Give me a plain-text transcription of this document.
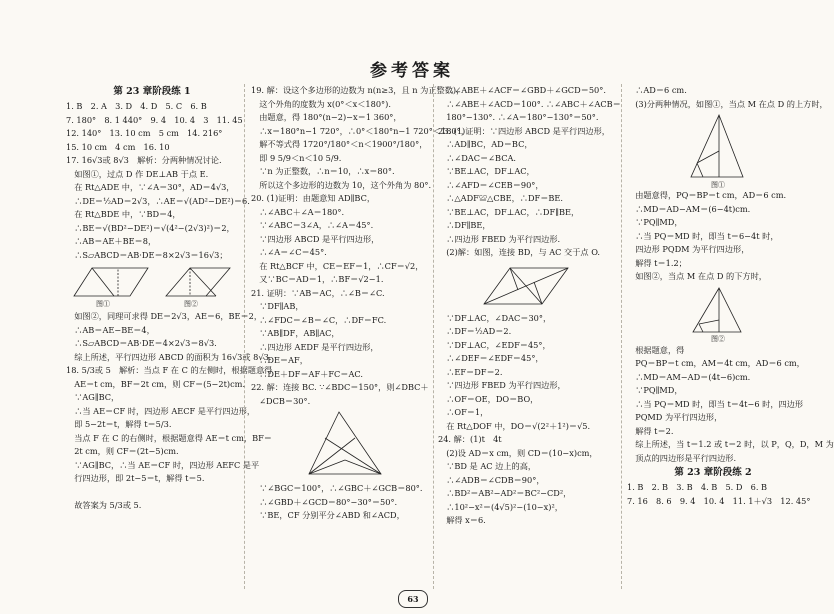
参考答案
第 23 章阶段练 1
1. B　2. A　3. D　4. D　5. C　6. B
7. 180°　8. 1 440°　9. 4　10. 4　3　11. 45
12. 140°　13. 10 cm　5 cm　14. 216°
15. 10 cm　4 cm　16. 10
17. 16√3或 8√3　解析：分两种情况讨论.
　如图①，过点 D 作 DE⊥AB 于点 E.
　在 Rt△ADE 中，∵∠A＝30°，AD＝4√3，
　∴DE＝½AD＝2√3，∴AE＝√(AD²−DE²)＝6.
　在 Rt△BDE 中，∵BD＝4，
　∴BE＝√(BD²−DE²)＝√(4²−(2√3)²)＝2，
　∴AB＝AE＋BE＝8，
　∴S▱ABCD＝AB·DE＝8×2√3＝16√3；
图①	图②
　如图②，同理可求得 DE＝2√3，AE＝6，BE＝2，
　∴AB＝AE−BE＝4，
　∴S▱ABCD＝AB·DE＝4×2√3＝8√3.
　综上所述，平行四边形 ABCD 的面积为 16√3或 8√3.
18. 5/3或 5　解析：当点 F 在 C 的左侧时，根据题意得
　AE＝t cm，BF＝2t cm，则 CF＝(5−2t)cm.
　∵AG∥BC，
　∴当 AE＝CF 时，四边形 AECF 是平行四边形，
　即 5−2t＝t，解得 t＝5/3.
　当点 F 在 C 的右侧时，根据题意得 AE＝t cm，BF＝
　2t cm，则 CF＝(2t−5)cm.
　∵AG∥BC，∴当 AE＝CF 时，四边形 AEFC 是平
　行四边形，即 2t−5＝t，解得 t＝5.

　故答案为 5/3或 5.
19. 解：设这个多边形的边数为 n(n≥3，且 n 为正整数)，
　这个外角的度数为 x(0°＜x＜180°).
　由题意，得 180°(n−2)−x＝1 360°，
　∴x＝180°n−1 720°，∴0°＜180°n−1 720°＜180°，
　解不等式得 1720°/180°＜n＜1900°/180°，
　即 9 5/9＜n＜10 5/9.
　∵n 为正整数，∴n＝10，∴x＝80°.
　所以这个多边形的边数为 10，这个外角为 80°.
20. (1)证明：由题意知 AD∥BC，
　∴∠ABC＋∠A＝180°.
　∵∠ABC＝3∠A，∴∠A＝45°.
　∵四边形 ABCD 是平行四边形，
　∴∠A＝∠C＝45°.
　在 Rt△BCF 中，CE＝EF＝1，∴CF＝√2，
　又∵BC＝AD＝1，∴BF＝√2−1.
21. 证明：∵AB＝AC，∴∠B＝∠C.
　∵DF∥AB，
　∴∠FDC＝∠B＝∠C，∴DF＝FC.
　∵AB∥DF，AB∥AC，
　∴四边形 AEDF 是平行四边形，
　∴DE＝AF，
　∴DE＋DF＝AF＋FC＝AC.
22. 解：连接 BC. ∵∠BDC＝150°，则∠DBC＋
　∠DCB＝30°.
　∵∠BGC＝100°，∴∠GBC＋∠GCB＝80°.
　∴∠GBD＋∠GCD＝80°−30°＝50°.
　∵BE，CF 分别平分∠ABD 和∠ACD，
　∴∠ABE＋∠ACF＝∠GBD＋∠GCD＝50°.
　∴∠ABE＋∠ACD＝100°. ∴∠ABC＋∠ACB＝
　180°−130°. ∴∠A＝180°−130°＝50°.
23. (1)证明：∵四边形 ABCD 是平行四边形，
　∴AD∥BC，AD＝BC，
　∴∠DAC＝∠BCA.
　∵BE⊥AC，DF⊥AC，
　∴∠AFD＝∠CEB＝90°，
　∴△ADF≌△CBE，∴DF＝BE.
　∵BE⊥AC，DF⊥AC，∴DF∥BE，
　∴DF∥BE，
　∴四边形 FBED 为平行四边形.
　(2)解：如图，连接 BD，与 AC 交于点 O.
　∵DF⊥AC，∠DAC＝30°，
　∴DF＝½AD＝2.
　∵DF⊥AC，∠EDF＝45°，
　∴∠DEF＝∠EDF＝45°，
　∴EF＝DF＝2.
　∵四边形 FBED 为平行四边形，
　∴OF＝OE，DO＝BO，
　∴OF＝1，
　在 Rt△DOF 中，DO＝√(2²＋1²)＝√5.
24. 解：(1)t　4t
　(2)设 AD＝x cm，则 CD＝(10−x)cm，
　∵BD 是 AC 边上的高，
　∴∠ADB＝∠CDB＝90°，
　∴BD²＝AB²−AD²＝BC²−CD²，
　∴10²−x²＝(4√5)²−(10−x)²，
　解得 x＝6.
　∴AD＝6 cm.
　(3)分两种情况，如图①，当点 M 在点 D 的上方时，
图①
　由题意得，PQ＝BP＝t cm，AD＝6 cm.
　∴MD＝AD−AM＝(6−4t)cm.
　∵PQ∥MD，
　∴当 PQ＝MD 时，即当 t＝6−4t 时，
　四边形 PQDM 为平行四边形，
　解得 t＝1.2；
　如图②，当点 M 在点 D 的下方时，
图②
　根据题意，得
　PQ＝BP＝t cm，AM＝4t cm，AD＝6 cm，
　∴MD＝AM−AD＝(4t−6)cm.
　∵PQ∥MD，
　∴当 PQ＝MD 时，即当 t＝4t−6 时，四边形
　PQMD 为平行四边形，
　解得 t＝2.
　综上所述，当 t＝1.2 或 t＝2 时，以 P，Q，D，M 为
　顶点的四边形是平行四边形.
第 23 章阶段练 2
1. B　2. B　3. B　4. B　5. D　6. B
7. 16　8. 6　9. 4　10. 4　11. 1＋√3　12. 45°
63
